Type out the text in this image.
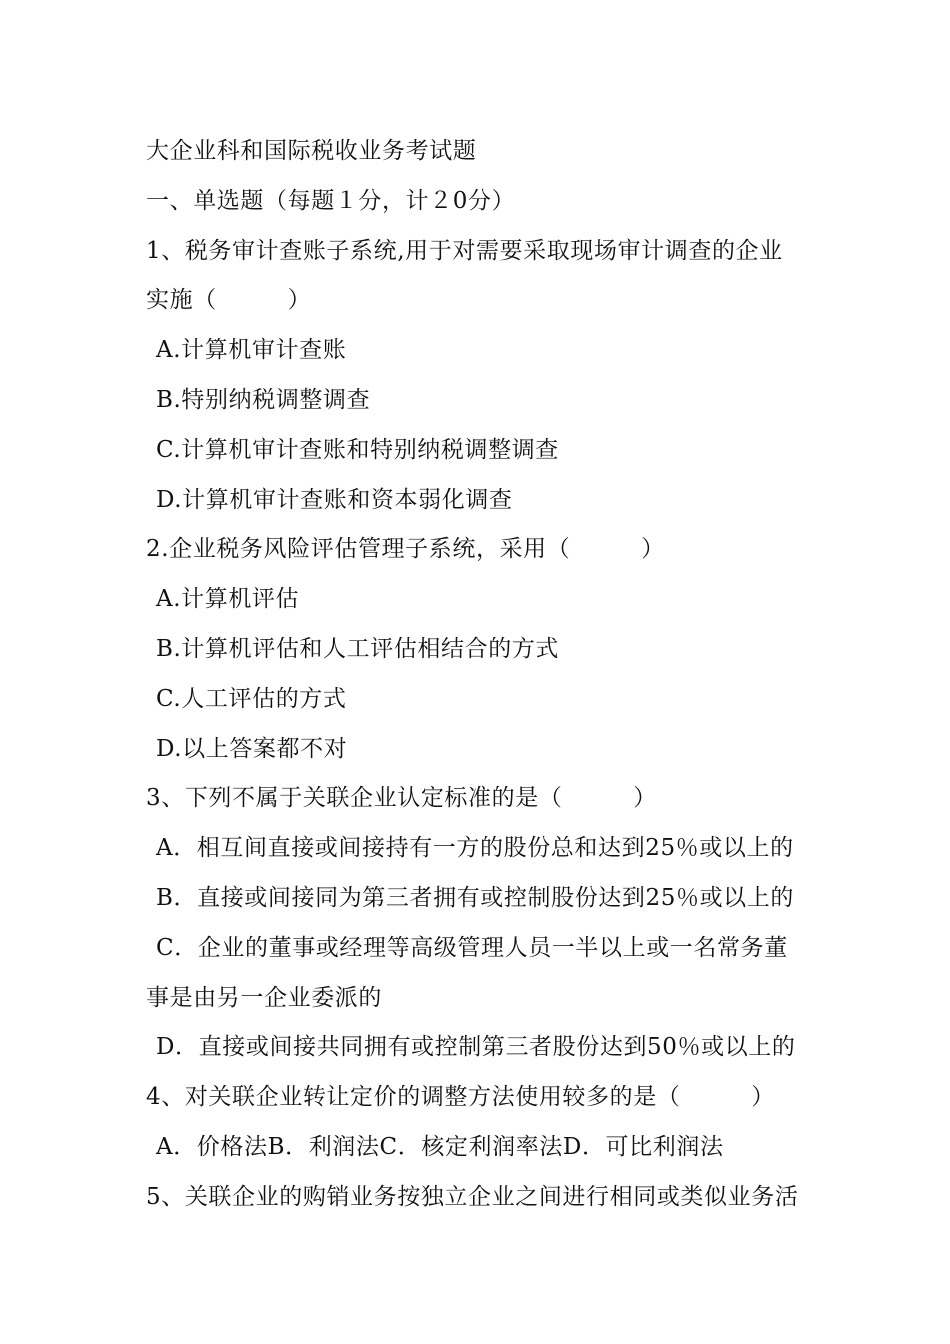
大企业科和国际税收业务考试题
一、单选题（每题１分，计２0分）
1、税务审计查账子系统,用于对需要采取现场审计调查的企业
实施（　　　）
A.计算机审计查账
B.特别纳税调整调查
C.计算机审计查账和特别纳税调整调查
D.计算机审计查账和资本弱化调查
2.企业税务风险评估管理子系统，采用（　　　）
A.计算机评估
B.计算机评估和人工评估相结合的方式
C.人工评估的方式
D.以上答案都不对
3、下列不属于关联企业认定标准的是（　　　）
A．相互间直接或间接持有一方的股份总和达到25％或以上的
B．直接或间接同为第三者拥有或控制股份达到25％或以上的
C．企业的董事或经理等高级管理人员一半以上或一名常务董
事是由另一企业委派的
D．直接或间接共同拥有或控制第三者股份达到50％或以上的
4、对关联企业转让定价的调整方法使用较多的是（　　　）
A．价格法B．利润法C．核定利润率法D．可比利润法
5、关联企业的购销业务按独立企业之间进行相同或类似业务活
